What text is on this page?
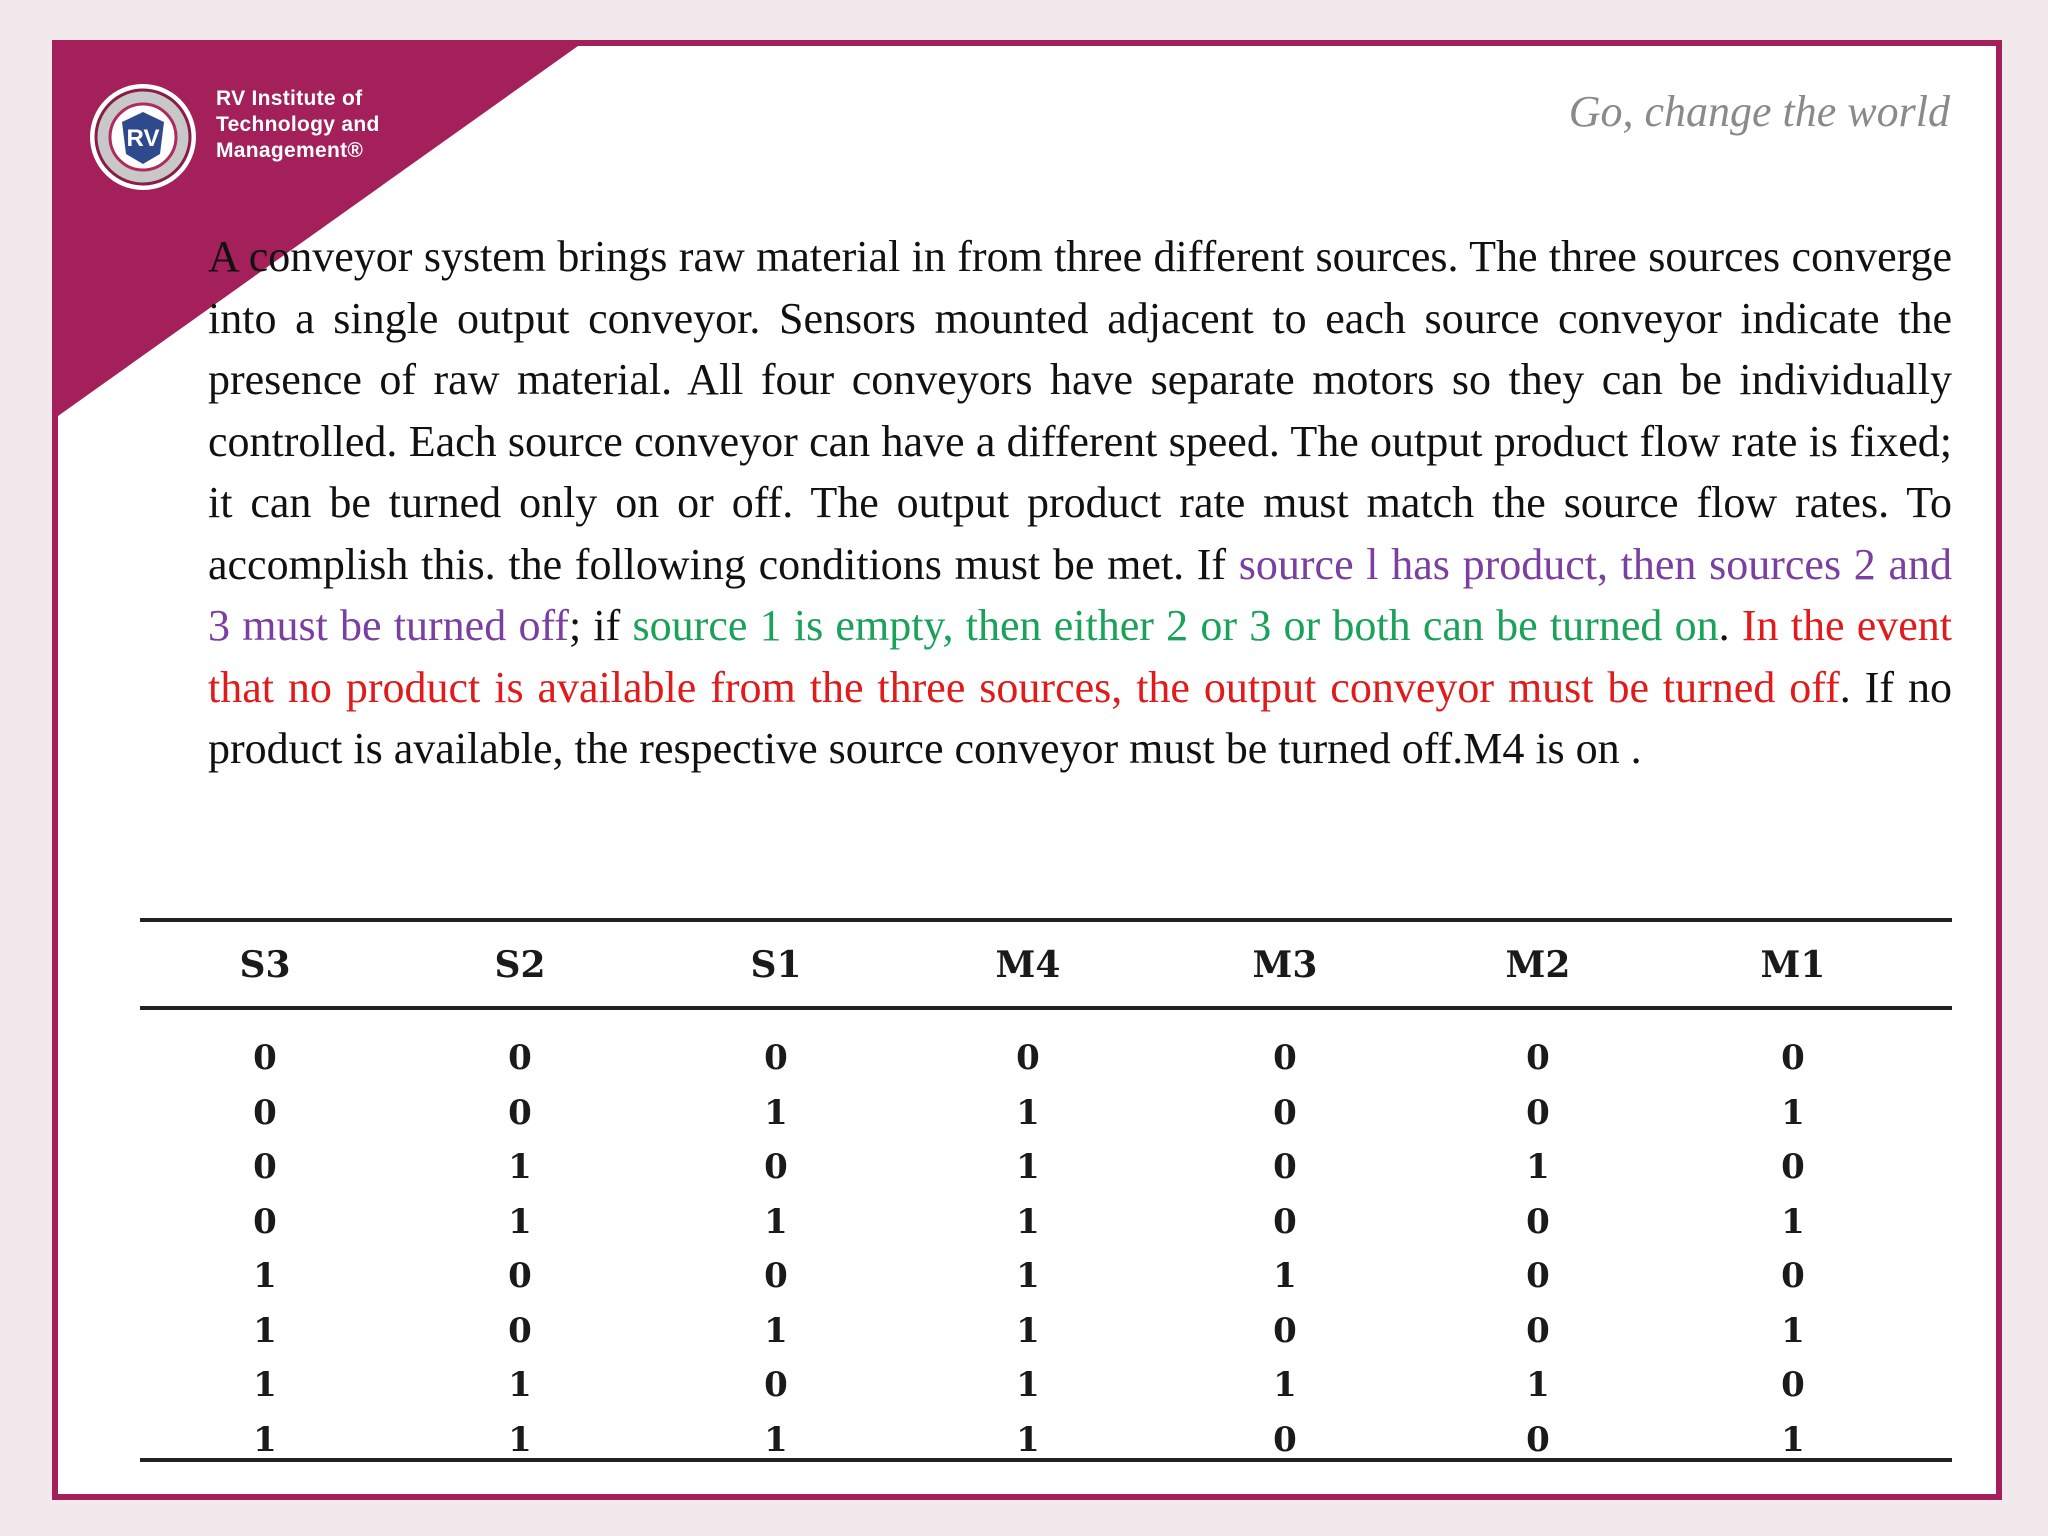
RV
RV Institute of
Technology and
Management®
Go, change the world
A conveyor system brings raw material in from three different sources. The three sources converge into a single output conveyor. Sensors mounted adjacent to each source conveyor indicate the presence of raw material. All four conveyors have separate motors so they can be individually controlled. Each source conveyor can have a different speed. The output product flow rate is fixed; it can be turned only on or off. The output product rate must match the source flow rates. To accomplish this. the following conditions must be met. If source l has product, then sources 2 and 3 must be turned off; if source 1 is empty, then either 2 or 3 or both can be turned on. In the event that no product is available from the three sources, the output conveyor must be turned off. If no product is available, the respective source conveyor must be turned off.M4 is on .
S3	S2	S1	M4	M3	M2	M1
0	0	0	0	0	0	0
0	0	1	1	0	0	1
0	1	0	1	0	1	0
0	1	1	1	0	0	1
1	0	0	1	1	0	0
1	0	1	1	0	0	1
1	1	0	1	1	1	0
1	1	1	1	0	0	1
